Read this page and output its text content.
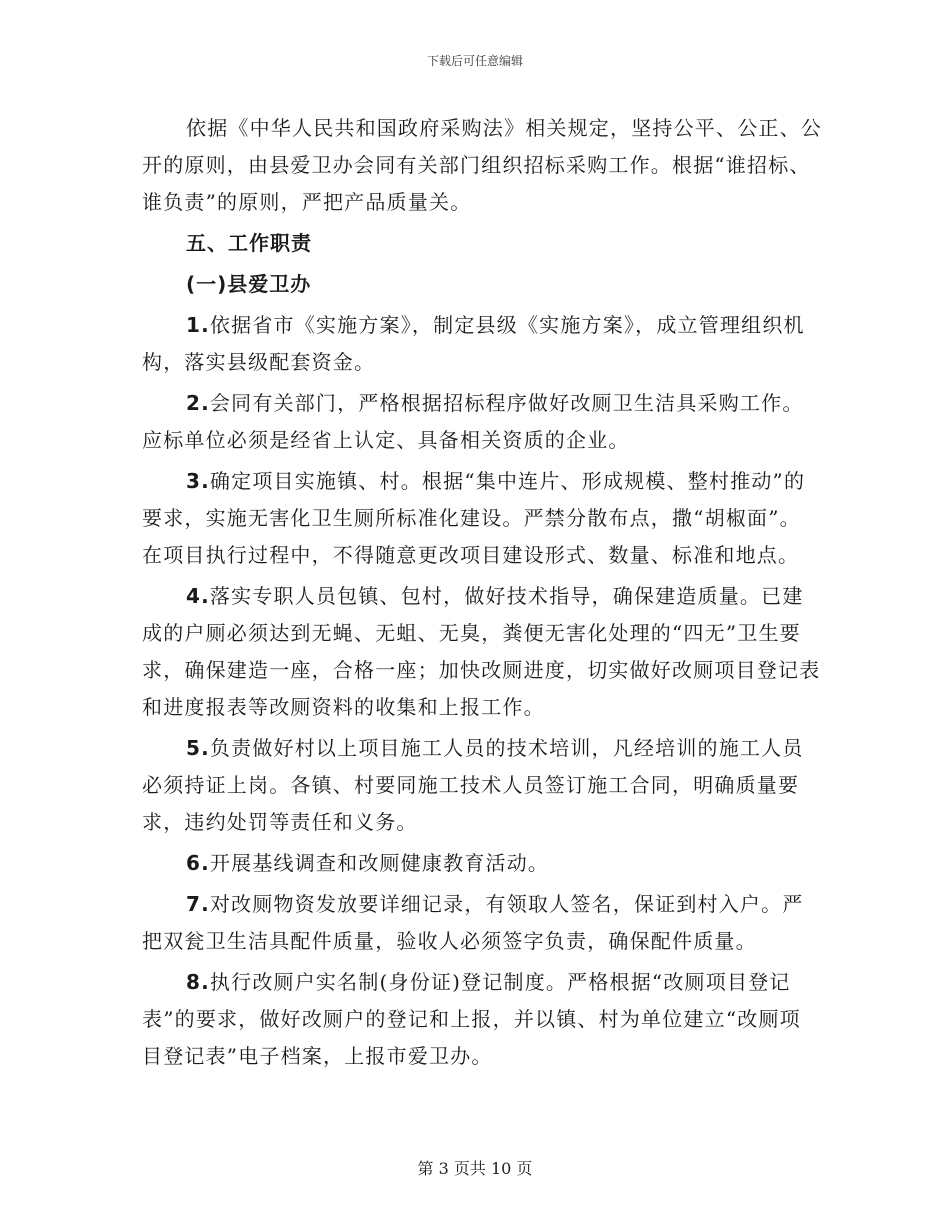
下载后可任意编辑

依据《中华人民共和国政府采购法》相关规定，坚持公平、公正、公开的原则，由县爱卫办会同有关部门组织招标采购工作。根据“谁招标、谁负责”的原则，严把产品质量关。

五、工作职责
(一)县爱卫办

1.依据省市《实施方案》，制定县级《实施方案》，成立管理组织机构，落实县级配套资金。

2.会同有关部门，严格根据招标程序做好改厕卫生洁具采购工作。应标单位必须是经省上认定、具备相关资质的企业。

3.确定项目实施镇、村。根据“集中连片、形成规模、整村推动”的要求，实施无害化卫生厕所标准化建设。严禁分散布点，撒“胡椒面”。在项目执行过程中，不得随意更改项目建设形式、数量、标准和地点。

4.落实专职人员包镇、包村，做好技术指导，确保建造质量。已建成的户厕必须达到无蝇、无蛆、无臭，粪便无害化处理的“四无”卫生要求，确保建造一座，合格一座；加快改厕进度，切实做好改厕项目登记表和进度报表等改厕资料的收集和上报工作。

5.负责做好村以上项目施工人员的技术培训，凡经培训的施工人员必须持证上岗。各镇、村要同施工技术人员签订施工合同，明确质量要求，违约处罚等责任和义务。

6.开展基线调查和改厕健康教育活动。

7.对改厕物资发放要详细记录，有领取人签名，保证到村入户。严把双瓮卫生洁具配件质量，验收人必须签字负责，确保配件质量。

8.执行改厕户实名制(身份证)登记制度。严格根据“改厕项目登记表”的要求，做好改厕户的登记和上报，并以镇、村为单位建立“改厕项目登记表”电子档案，上报市爱卫办。

第 3 页共 10 页
